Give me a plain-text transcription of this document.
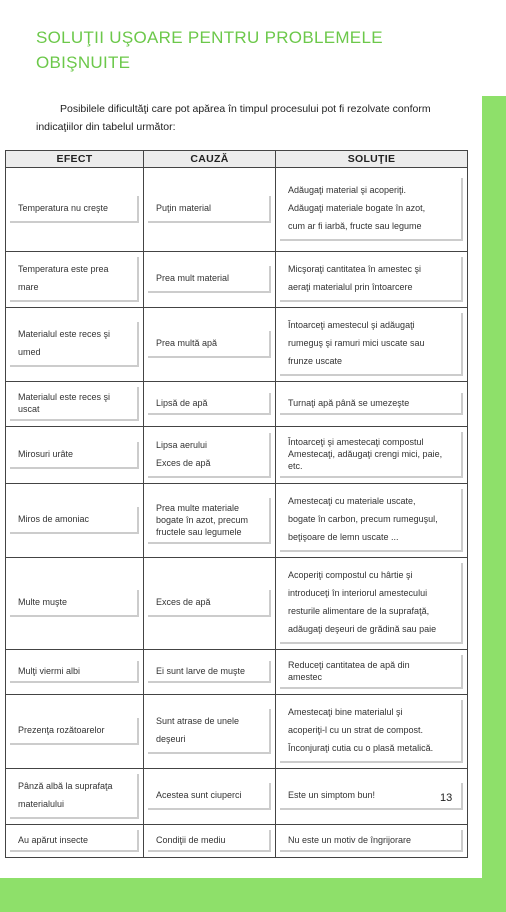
SOLUŢII UŞOARE PENTRU PROBLEMELE OBIŞNUITE
Posibilele dificultăţi care pot apărea în timpul procesului pot fi rezolvate conform indicaţiilor din tabelul următor:
EFECT	CAUZĂ	SOLUŢIE

Temperatura nu creşte	Puţin material	Adăugaţi material şi acoperiţi.
Adăugaţi materiale bogate în azot,
cum ar fi iarbă, fructe sau legume

Temperatura este prea
mare	Prea mult material	Micşoraţi cantitatea în amestec şi
aeraţi materialul prin întoarcere

Materialul este reces şi
umed	Prea multă apă	Întoarceţi amestecul şi adăugaţi
rumeguş şi ramuri mici uscate sau
frunze uscate

Materialul este reces şi
uscat	Lipsă de apă	Turnaţi apă până se umezeşte

Mirosuri urâte	Lipsa aerului
Exces de apă	Întoarceţi şi amestecaţi compostul
Amestecaţi, adăugaţi crengi mici, paie,
etc.

Miros de amoniac	Prea multe materiale
bogate în azot, precum
fructele sau legumele	Amestecaţi cu materiale uscate,
bogate în carbon, precum rumeguşul,
beţişoare de lemn uscate ...

Multe muşte	Exces de apă	Acoperiţi compostul cu hârtie şi
introduceţi în interiorul amestecului
resturile alimentare de la suprafaţă,
adăugaţi deşeuri de grădină sau paie

Mulţi viermi albi	Ei sunt larve de muşte	Reduceţi cantitatea de apă din
amestec

Prezenţa rozătoarelor	Sunt atrase de unele
deşeuri	Amestecaţi bine materialul şi
acoperiţi-l cu un strat de compost.
Înconjuraţi cutia cu o plasă metalică.

Pânză albă la suprafaţa
materialului	Acestea sunt ciuperci	Este un simptom bun!

Au apărut insecte	Condiţii de mediu	Nu este un motiv de îngrijorare
13
